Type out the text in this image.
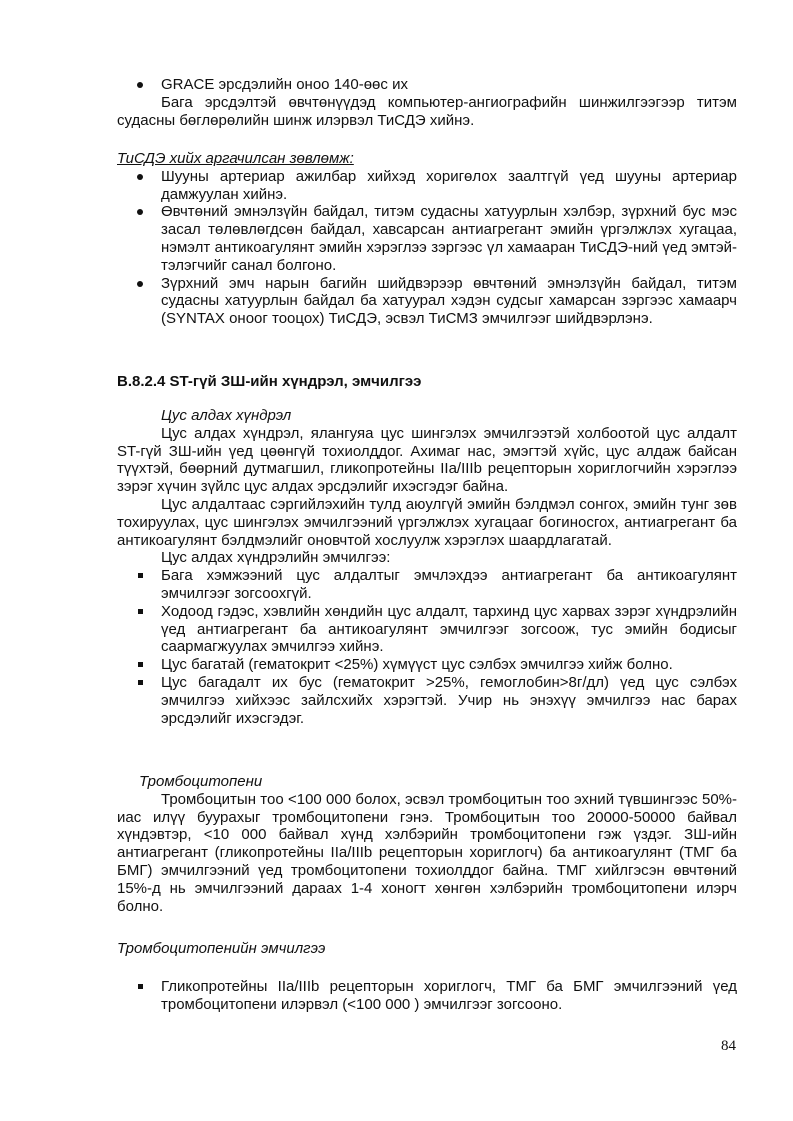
GRACE эрсдэлийн оноо 140-өөс их

Бага эрсдэлтэй өвчтөнүүдэд компьютер-ангиографийн шинжилгээгээр титэм судасны бөглөрөлийн шинж илэрвэл ТиСДЭ хийнэ.

ТиСДЭ хийх аргачилсан зөвлөмж:

Шууны артериар ажилбар хийхэд хоригөлох заалтгүй үед шууны артериар дамжуулан хийнэ.
Өвчтөний эмнэлзүйн байдал, титэм судасны хатуурлын хэлбэр, зүрхний бус мэс засал төлөвлөгдсөн байдал, хавсарсан антиагрегант эмийн үргэлжлэх хугацаа, нэмэлт антикоагулянт эмийн хэрэглээ зэргээс үл хамааран ТиСДЭ-ний үед эмтэй-тэлэгчийг санал болгоно.
Зүрхний эмч нарын багийн шийдвэрээр өвчтөний эмнэлзүйн байдал, титэм судасны хатуурлын байдал ба хатуурал хэдэн судсыг хамарсан зэргээс хамаарч (SYNTAX оноог тооцох) ТиСДЭ, эсвэл ТиСМЗ эмчилгээг шийдвэрлэнэ.

B.8.2.4 ST-гүй ЗШ-ийн хүндрэл, эмчилгээ

Цус алдах хүндрэл

Цус алдах хүндрэл, ялангуяа цус шингэлэх эмчилгээтэй холбоотой цус алдалт ST-гүй ЗШ-ийн үед цөөнгүй тохиолддог. Ахимаг нас, эмэгтэй хүйс, цус алдаж байсан түүхтэй, бөөрний дутмагшил, гликопротейны IIa/IIIb рецепторын хориглогчийн хэрэглээ зэрэг хүчин зүйлс цус алдах эрсдэлийг ихэсгэдэг байна.

Цус алдалтаас сэргийлэхийн тулд аюулгүй эмийн бэлдмэл сонгох, эмийн тунг зөв тохируулах, цус шингэлэх эмчилгээний үргэлжлэх хугацааг богиносгох, антиагрегант ба антикоагулянт бэлдмэлийг оновчтой хослуулж хэрэглэх шаардлагатай.

Цус алдах хүндрэлийн эмчилгээ:

Бага хэмжээний цус алдалтыг эмчлэхдээ антиагрегант ба антикоагулянт эмчилгээг зогсоохгүй.
Ходоод гэдэс, хэвлийн хөндийн цус алдалт, тархинд цус харвах зэрэг хүндрэлийн үед антиагрегант ба антикоагулянт эмчилгээг зогсоож, тус эмийн бодисыг саармагжуулах эмчилгээ хийнэ.
Цус багатай (гематокрит <25%) хүмүүст цус сэлбэх эмчилгээ хийж болно.
Цус багадалт их бус (гематокрит >25%, гемоглобин>8г/дл) үед цус сэлбэх эмчилгээ хийхээс зайлсхийх хэрэгтэй. Учир нь энэхүү эмчилгээ нас барах эрсдэлийг ихэсгэдэг.

Тромбоцитопени

Тромбоцитын тоо <100 000 болох, эсвэл тромбоцитын тоо эхний түвшингээс 50%- иас илүү буурахыг тромбоцитопени гэнэ. Тромбоцитын тоо 20000-50000 байвал хүндэвтэр, <10 000 байвал хүнд хэлбэрийн тромбоцитопени гэж үздэг. ЗШ-ийн антиагрегант (гликопротейны IIa/IIIb рецепторын хориглогч) ба антикоагулянт (ТМГ ба БМГ) эмчилгээний үед тромбоцитопени тохиолддог байна. ТМГ хийлгэсэн өвчтөний 15%-д нь эмчилгээний дараах 1-4 хоногт хөнгөн хэлбэрийн тромбоцитопени илэрч болно.

Тромбоцитопенийн эмчилгээ

Гликопротейны IIa/IIIb рецепторын хориглогч, ТМГ ба БМГ эмчилгээний үед тромбоцитопени илэрвэл (<100 000 ) эмчилгээг зогсооно.
84
